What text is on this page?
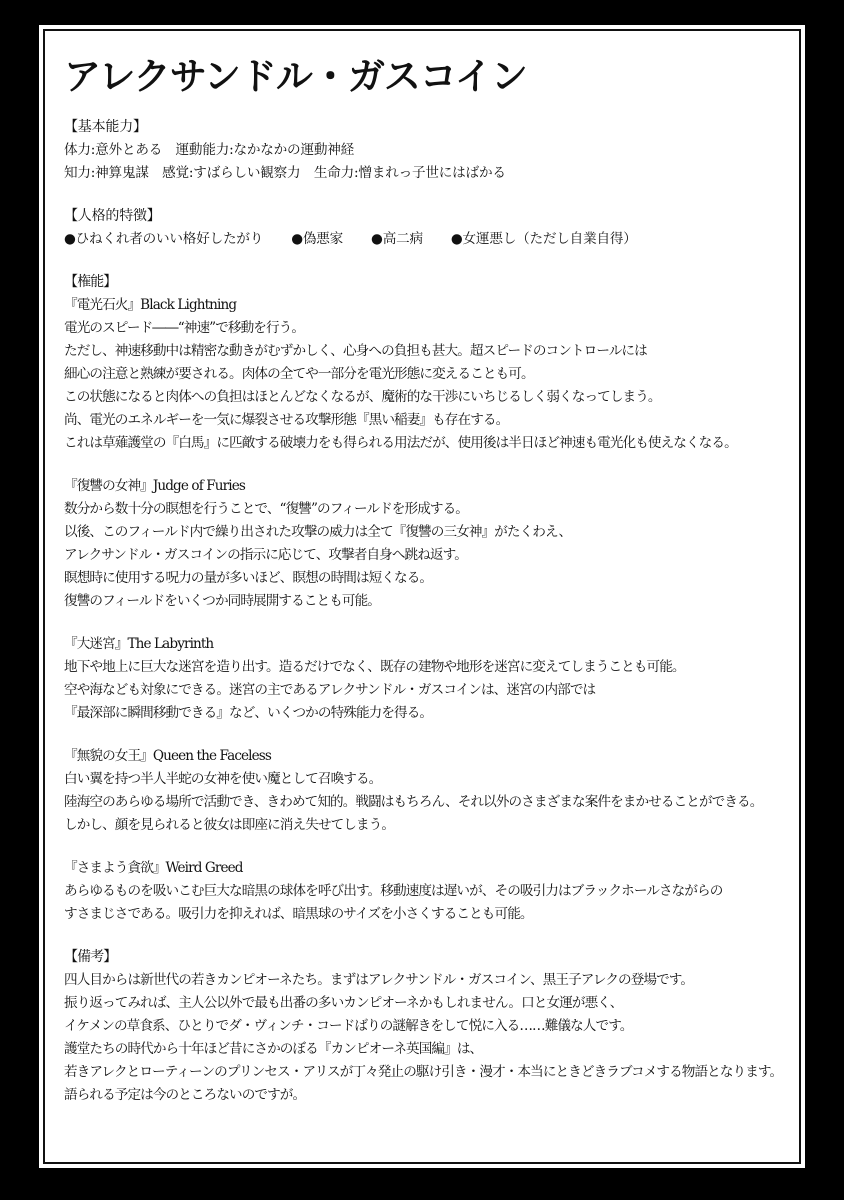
アレクサンドル・ガスコイン
【基本能力】
体力:意外とある　運動能力:なかなかの運動神経
知力:神算鬼謀　感覚:すばらしい観察力　生命力:憎まれっ子世にはばかる
【人格的特徴】
●ひねくれ者のいい格好したがり ●偽悪家 ●高二病 ●女運悪し（ただし自業自得）
【権能】
『電光石火』Black Lightning
電光のスピード――“神速”で移動を行う。
ただし、神速移動中は精密な動きがむずかしく、心身への負担も甚大。超スピードのコントロールには
細心の注意と熟練が要される。肉体の全てや一部分を電光形態に変えることも可。
この状態になると肉体への負担はほとんどなくなるが、魔術的な干渉にいちじるしく弱くなってしまう。
尚、電光のエネルギーを一気に爆裂させる攻撃形態『黒い稲妻』も存在する。
これは草薙護堂の『白馬』に匹敵する破壊力をも得られる用法だが、使用後は半日ほど神速も電光化も使えなくなる。
『復讐の女神』Judge of Furies
数分から数十分の瞑想を行うことで、“復讐”のフィールドを形成する。
以後、このフィールド内で繰り出された攻撃の威力は全て『復讐の三女神』がたくわえ、
アレクサンドル・ガスコインの指示に応じて、攻撃者自身へ跳ね返す。
瞑想時に使用する呪力の量が多いほど、瞑想の時間は短くなる。
復讐のフィールドをいくつか同時展開することも可能。
『大迷宮』The Labyrinth
地下や地上に巨大な迷宮を造り出す。造るだけでなく、既存の建物や地形を迷宮に変えてしまうことも可能。
空や海なども対象にできる。迷宮の主であるアレクサンドル・ガスコインは、迷宮の内部では
『最深部に瞬間移動できる』など、いくつかの特殊能力を得る。
『無貌の女王』Queen the Faceless
白い翼を持つ半人半蛇の女神を使い魔として召喚する。
陸海空のあらゆる場所で活動でき、きわめて知的。戦闘はもちろん、それ以外のさまざまな案件をまかせることができる。
しかし、顔を見られると彼女は即座に消え失せてしまう。
『さまよう貪欲』Weird Greed
あらゆるものを吸いこむ巨大な暗黒の球体を呼び出す。移動速度は遅いが、その吸引力はブラックホールさながらの
すさまじさである。吸引力を抑えれば、暗黒球のサイズを小さくすることも可能。
【備考】
四人目からは新世代の若きカンピオーネたち。まずはアレクサンドル・ガスコイン、黒王子アレクの登場です。
振り返ってみれば、主人公以外で最も出番の多いカンピオーネかもしれません。口と女運が悪く、
イケメンの草食系、ひとりでダ・ヴィンチ・コードばりの謎解きをして悦に入る……難儀な人です。
護堂たちの時代から十年ほど昔にさかのぼる『カンピオーネ英国編』は、
若きアレクとローティーンのプリンセス・アリスが丁々発止の駆け引き・漫才・本当にときどきラブコメする物語となります。
語られる予定は今のところないのですが。
